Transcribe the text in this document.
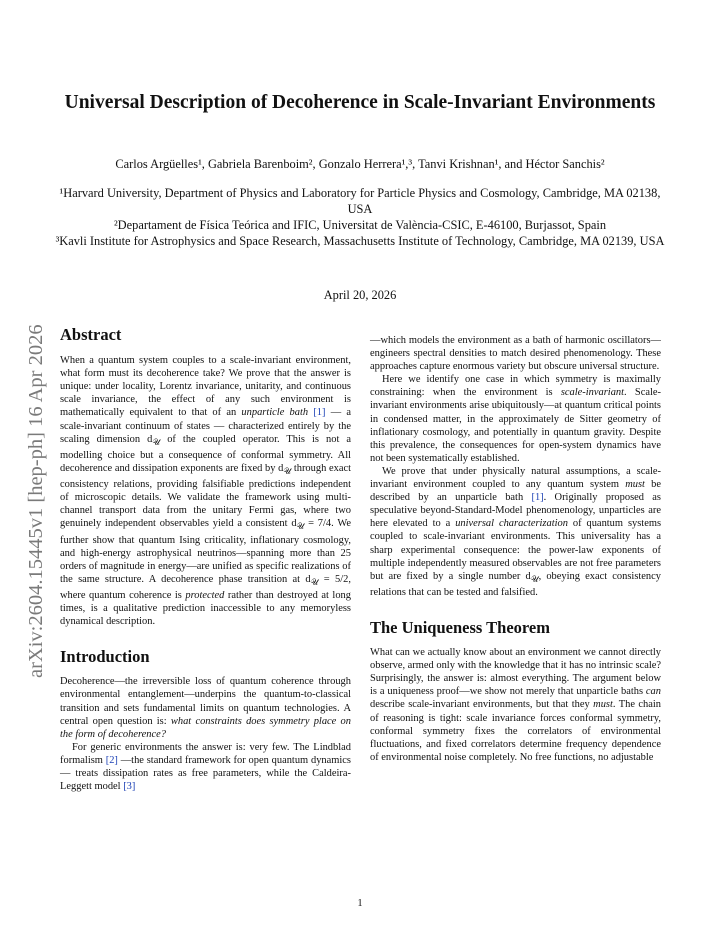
arXiv:2604.15445v1 [hep-ph] 16 Apr 2026
Universal Description of Decoherence in Scale-Invariant Environments
Carlos Argüelles¹, Gabriela Barenboim², Gonzalo Herrera¹,³, Tanvi Krishnan¹, and Héctor Sanchis²
¹Harvard University, Department of Physics and Laboratory for Particle Physics and Cosmology, Cambridge, MA 02138, USA
²Departament de Física Teórica and IFIC, Universitat de València-CSIC, E-46100, Burjassot, Spain
³Kavli Institute for Astrophysics and Space Research, Massachusetts Institute of Technology, Cambridge, MA 02139, USA
April 20, 2026
Abstract

When a quantum system couples to a scale-invariant environment, what form must its decoherence take? We prove that the answer is unique: under locality, Lorentz invariance, unitarity, and continuous scale invariance, the effect of any such environment is mathematically equivalent to that of an unparticle bath [1] — a scale-invariant continuum of states — characterized entirely by the scaling dimension $d_𝒰$ of the coupled operator. This is not a modelling choice but a consequence of conformal symmetry. All decoherence and dissipation exponents are fixed by $d_𝒰$ through exact consistency relations, providing falsifiable predictions independent of microscopic details. We validate the framework using multi-channel transport data from the unitary Fermi gas, where two genuinely independent observables yield a consistent $d_𝒰 = 7/4$. We further show that quantum Ising criticality, inflationary cosmology, and high-energy astrophysical neutrinos—spanning more than 25 orders of magnitude in energy—are unified as specific realizations of the same structure. A decoherence phase transition at $d_𝒰 = 5/2$, where quantum coherence is protected rather than destroyed at long times, is a qualitative prediction inaccessible to any memoryless dynamical description.

Introduction

Decoherence—the irreversible loss of quantum coherence through environmental entanglement—underpins the quantum-to-classical transition and sets fundamental limits on quantum technologies. A central open question is: what constraints does symmetry place on the form of decoherence?

For generic environments the answer is: very few. The Lindblad formalism [2] —the standard framework for open quantum dynamics— treats dissipation rates as free parameters, while the Caldeira-Leggett model [3]

—which models the environment as a bath of harmonic oscillators— engineers spectral densities to match desired phenomenology. These approaches capture enormous variety but obscure universal structure.

Here we identify one case in which symmetry is maximally constraining: when the environment is scale-invariant. Scale-invariant environments arise ubiquitously—at quantum critical points in condensed matter, in the approximately de Sitter geometry of inflationary cosmology, and potentially in quantum gravity. Despite this prevalence, the consequences for open-system dynamics have not been systematically established.

We prove that under physically natural assumptions, a scale-invariant environment coupled to any quantum system must be described by an unparticle bath [1]. Originally proposed as speculative beyond-Standard-Model phenomenology, unparticles are here elevated to a universal characterization of quantum systems coupled to scale-invariant environments. This universality has a sharp experimental consequence: the power-law exponents of multiple independently measured observables are not free parameters but are fixed by a single number $d_𝒰$, obeying exact consistency relations that can be tested and falsified.

The Uniqueness Theorem

What can we actually know about an environment we cannot directly observe, armed only with the knowledge that it has no intrinsic scale? Surprisingly, the answer is: almost everything. The argument below is a uniqueness proof—we show not merely that unparticle baths can describe scale-invariant environments, but that they must. The chain of reasoning is tight: scale invariance forces conformal symmetry, conformal symmetry fixes the correlators of environmental fluctuations, and fixed correlators determine frequency dependence of environmental noise completely. No free functions, no adjustable

1
